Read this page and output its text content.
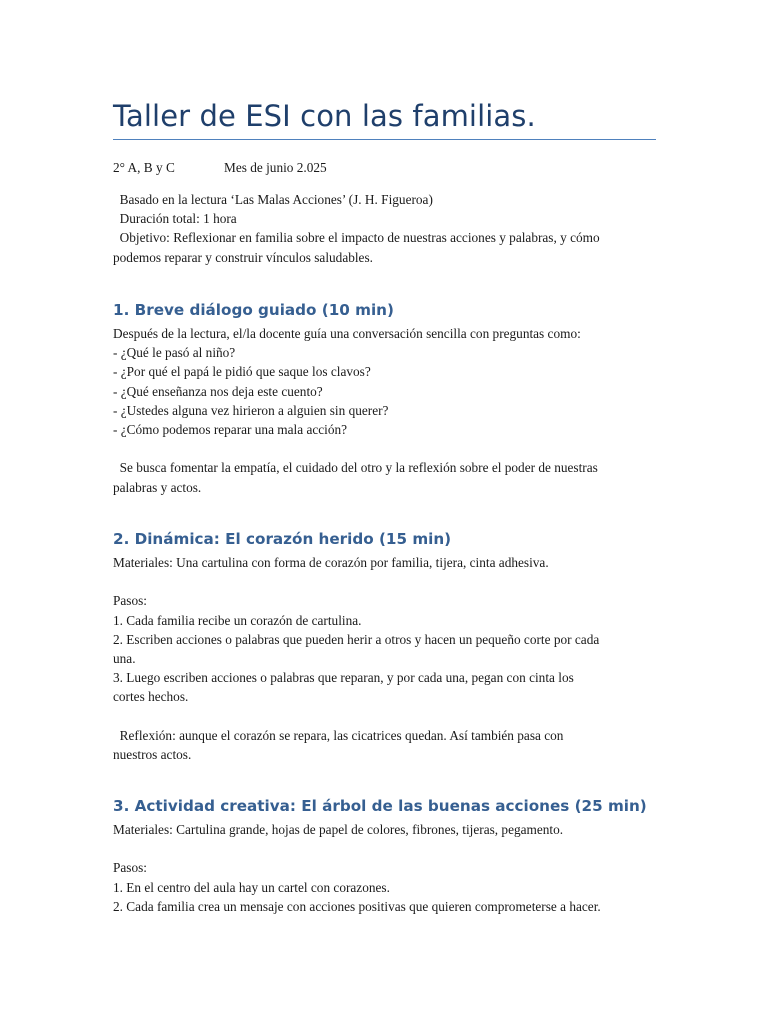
Taller de ESI con las familias.
2° A, B y C	Mes de junio 2.025

Basado en la lectura ‘Las Malas Acciones’ (J. H. Figueroa)

Duración total: 1 hora

Objetivo: Reflexionar en familia sobre el impacto de nuestras acciones y palabras, y cómo

podemos reparar y construir vínculos saludables.

1. Breve diálogo guiado (10 min)

Después de la lectura, el/la docente guía una conversación sencilla con preguntas como:

- ¿Qué le pasó al niño?

- ¿Por qué el papá le pidió que saque los clavos?

- ¿Qué enseñanza nos deja este cuento?

- ¿Ustedes alguna vez hirieron a alguien sin querer?

- ¿Cómo podemos reparar una mala acción?

Se busca fomentar la empatía, el cuidado del otro y la reflexión sobre el poder de nuestras

palabras y actos.

2. Dinámica: El corazón herido (15 min)

Materiales: Una cartulina con forma de corazón por familia, tijera, cinta adhesiva.

Pasos:

1. Cada familia recibe un corazón de cartulina.

2. Escriben acciones o palabras que pueden herir a otros y hacen un pequeño corte por cada

una.

3. Luego escriben acciones o palabras que reparan, y por cada una, pegan con cinta los

cortes hechos.

Reflexión: aunque el corazón se repara, las cicatrices quedan. Así también pasa con

nuestros actos.

3. Actividad creativa: El árbol de las buenas acciones (25 min)

Materiales: Cartulina grande, hojas de papel de colores, fibrones, tijeras, pegamento.

Pasos:

1. En el centro del aula hay un cartel con corazones.

2. Cada familia crea un mensaje con acciones positivas que quieren comprometerse a hacer.
